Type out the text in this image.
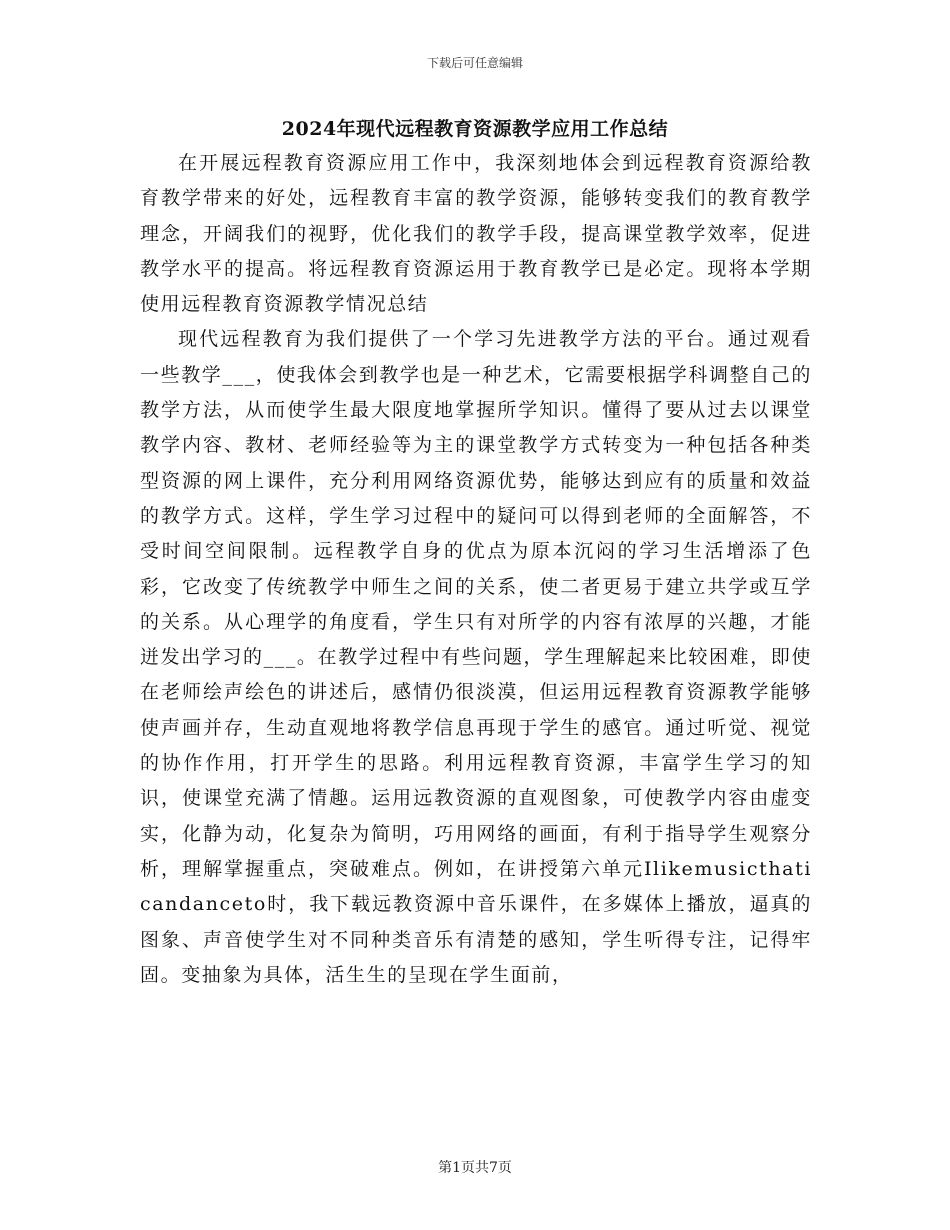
下载后可任意编辑
2024年现代远程教育资源教学应用工作总结

在开展远程教育资源应用工作中，我深刻地体会到远程教育资源给教育教学带来的好处，远程教育丰富的教学资源，能够转变我们的教育教学理念，开阔我们的视野，优化我们的教学手段，提高课堂教学效率，促进教学水平的提高。将远程教育资源运用于教育教学已是必定。现将本学期使用远程教育资源教学情况总结

现代远程教育为我们提供了一个学习先进教学方法的平台。通过观看一些教学___，使我体会到教学也是一种艺术，它需要根据学科调整自己的教学方法，从而使学生最大限度地掌握所学知识。懂得了要从过去以课堂教学内容、教材、老师经验等为主的课堂教学方式转变为一种包括各种类型资源的网上课件，充分利用网络资源优势，能够达到应有的质量和效益的教学方式。这样，学生学习过程中的疑问可以得到老师的全面解答，不受时间空间限制。远程教学自身的优点为原本沉闷的学习生活增添了色彩，它改变了传统教学中师生之间的关系，使二者更易于建立共学或互学的关系。从心理学的角度看，学生只有对所学的内容有浓厚的兴趣，才能迸发出学习的___。在教学过程中有些问题，学生理解起来比较困难，即使在老师绘声绘色的讲述后，感情仍很淡漠，但运用远程教育资源教学能够使声画并存，生动直观地将教学信息再现于学生的感官。通过听觉、视觉的协作作用，打开学生的思路。利用远程教育资源，丰富学生学习的知识，使课堂充满了情趣。运用远教资源的直观图象，可使教学内容由虚变实，化静为动，化复杂为简明，巧用网络的画面，有利于指导学生观察分析，理解掌握重点，突破难点。例如，在讲授第六单元Ilikemusicthaticandanceto时，我下载远教资源中音乐课件，在多媒体上播放，逼真的图象、声音使学生对不同种类音乐有清楚的感知，学生听得专注，记得牢固。变抽象为具体，活生生的呈现在学生面前，

第1页共7页
